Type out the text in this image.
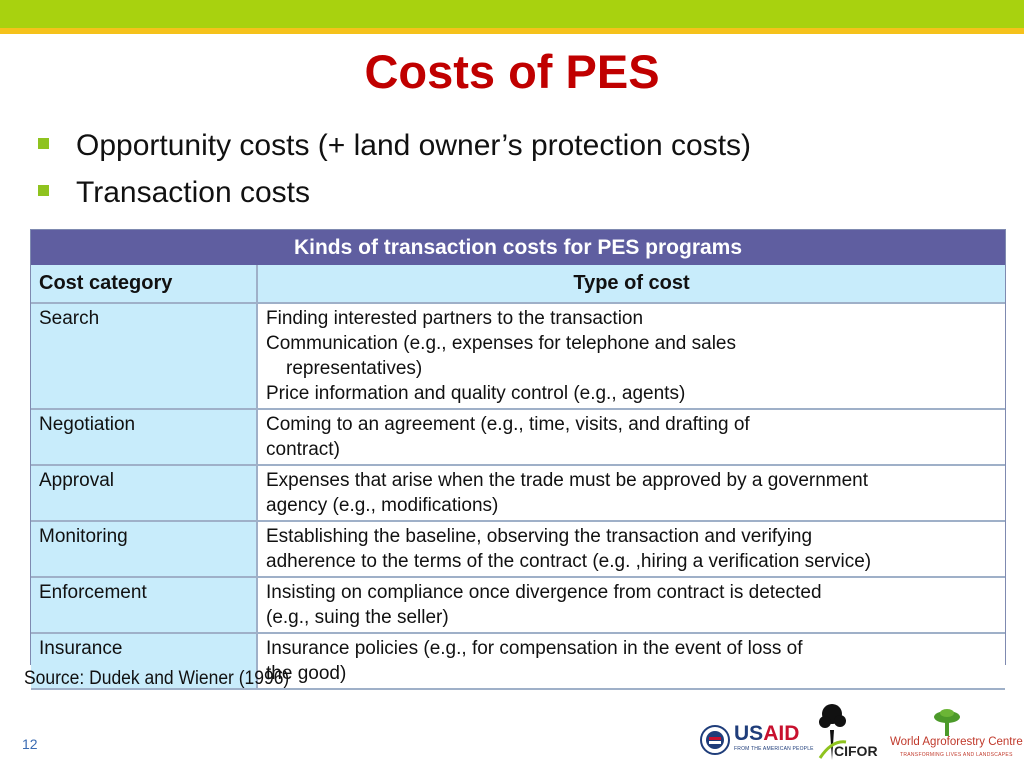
Costs of PES
Opportunity costs (+ land owner’s protection costs)
Transaction costs
Kinds of transaction costs for PES programs
Cost category	Type of cost
Search	Finding interested partners to the transaction
Communication (e.g., expenses for telephone and sales
representatives)
Price information and quality control (e.g., agents)

Negotiation	Coming to an agreement (e.g., time, visits, and drafting of
contract)

Approval	Expenses that arise when the trade must be approved by a government
agency (e.g., modifications)

Monitoring	Establishing the baseline, observing the transaction and verifying
adherence to the terms of the contract (e.g. ,hiring a verification service)

Enforcement	Insisting on compliance once divergence from contract is detected
(e.g., suing the seller)

Insurance	Insurance policies (e.g., for compensation in the event of loss of
the good)
Source: Dudek and Wiener (1996)
12	USAID
FROM THE AMERICAN PEOPLE CIFOR
World Agroforestry Centre
TRANSFORMING LIVES AND LANDSCAPES
